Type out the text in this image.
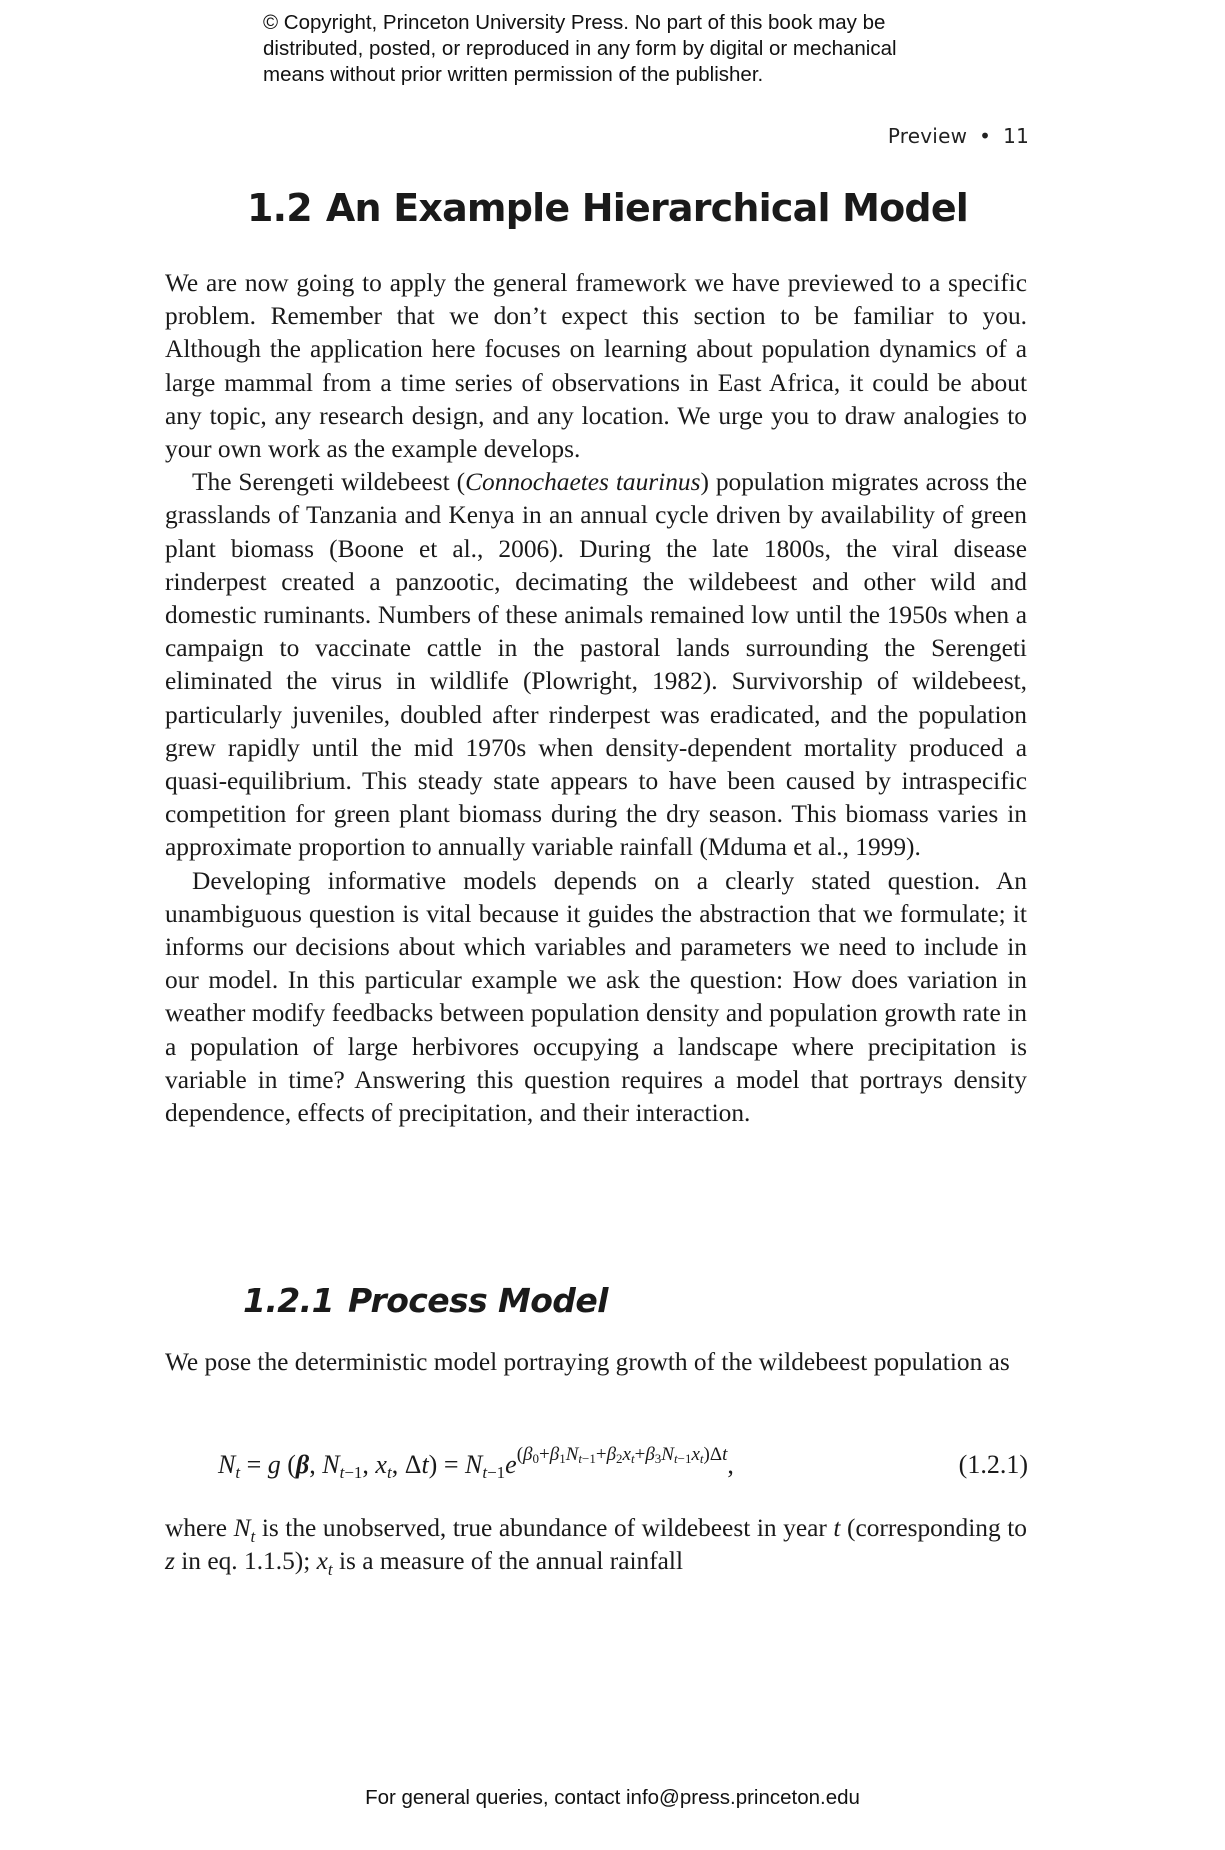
© Copyright, Princeton University Press. No part of this book may be

distributed, posted, or reproduced in any form by digital or mechanical

means without prior written permission of the publisher.

Preview • 11
1.2 An Example Hierarchical Model

We are now going to apply the general framework we have previewed to a specific problem. Remember that we don’t expect this section to be familiar to you. Although the application here focuses on learning about population dynamics of a large mammal from a time series of observations in East Africa, it could be about any topic, any research design, and any location. We urge you to draw analogies to your own work as the example develops.

The Serengeti wildebeest (Connochaetes taurinus) population migrates across the grasslands of Tanzania and Kenya in an annual cycle driven by availability of green plant biomass (Boone et al., 2006). During the late 1800s, the viral disease rinderpest created a panzootic, decimating the wildebeest and other wild and domestic ruminants. Numbers of these animals remained low until the 1950s when a campaign to vaccinate cattle in the pastoral lands surrounding the Serengeti eliminated the virus in wildlife (Plowright, 1982). Survivorship of wildebeest, particularly juveniles, doubled after rinderpest was eradicated, and the population grew rapidly until the mid 1970s when density-dependent mortality produced a quasi-equilibrium. This steady state appears to have been caused by intraspecific competition for green plant biomass during the dry season. This biomass varies in approximate proportion to annually variable rainfall (Mduma et al., 1999).

Developing informative models depends on a clearly stated question. An unambiguous question is vital because it guides the abstraction that we formulate; it informs our decisions about which variables and parameters we need to include in our model. In this particular example we ask the question: How does variation in weather modify feedbacks between population density and population growth rate in a population of large herbivores occupying a landscape where precipitation is variable in time? Answering this question requires a model that portrays density dependence, effects of precipitation, and their interaction.

1.2.1 Process Model

We pose the deterministic model portraying growth of the wildebeest population as

$N_t = g$ (β, $N_{t-1}$, $x_t$, $\Delta t) = N_{t-1}e^{(\beta_0+\beta_1N_{t-1}+\beta_2x_t+\beta_3N_{t-1}x_t)\Delta t}$,	(1.2.1)

where $N_t$ is the unobserved, true abundance of wildebeest in year t (corresponding to z in eq. 1.1.5); $x_t$ is a measure of the annual rainfall

For general queries, contact info@press.princeton.edu
